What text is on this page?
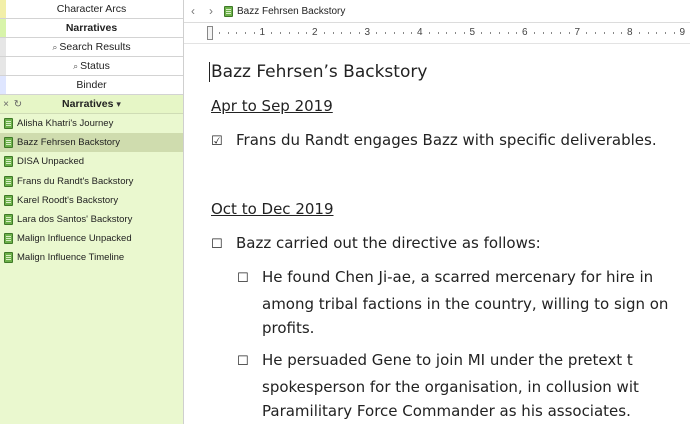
Character Arcs
Narratives
⌕ Search Results
⌕ Status
Binder
× ↻	Narratives ▾
Alisha Khatri's Journey
Bazz Fehrsen Backstory
DISA Unpacked
Frans du Randt's Backstory
Karel Roodt's Backstory
Lara dos Santos' Backstory
Malign Influence Unpacked
Malign Influence Timeline
‹	›	Bazz Fehrsen Backstory
1	2	3	4	5	6	7	8	9
Bazz Fehrsen’s Backstory
Apr to Sep 2019
☑ Frans du Randt engages Bazz with specific deliverables.
Oct to Dec 2019
☐ Bazz carried out the directive as follows:
☐ He found Chen Ji-ae, a scarred mercenary for hire in
among tribal factions in the country, willing to sign on
profits.
☐ He persuaded Gene to join MI under the pretext t
spokesperson for the organisation, in collusion wit
Paramilitary Force Commander as his associates.
